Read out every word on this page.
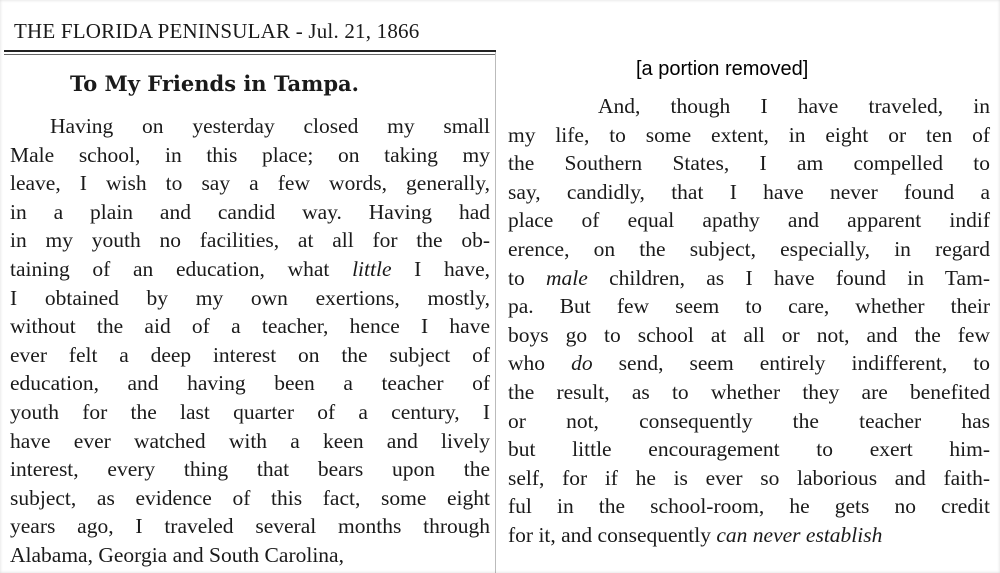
THE FLORIDA PENINSULAR - Jul. 21, 1866
To My Friends in Tampa.
[a portion removed]
Having on yesterday closed my small
Male school, in this place; on taking my
leave, I wish to say a few words, generally,
in a plain and candid way. Having had
in my youth no facilities, at all for the ob-
taining of an education, what little I have,
I obtained by my own exertions, mostly,
without the aid of a teacher, hence I have
ever felt a deep interest on the subject of
education, and having been a teacher of
youth for the last quarter of a century, I
have ever watched with a keen and lively
interest, every thing that bears upon the
subject, as evidence of this fact, some eight
years ago, I traveled several months through
Alabama, Georgia and South Carolina,
And, though I have traveled, in
my life, to some extent, in eight or ten of
the Southern States, I am compelled to
say, candidly, that I have never found a
place of equal apathy and apparent indif
erence, on the subject, especially, in regard
to male children, as I have found in Tam-
pa. But few seem to care, whether their
boys go to school at all or not, and the few
who do send, seem entirely indifferent, to
the result, as to whether they are benefited
or not, consequently the teacher has
but little encouragement to exert him-
self, for if he is ever so laborious and faith-
ful in the school-room, he gets no credit
for it, and consequently can never establish
